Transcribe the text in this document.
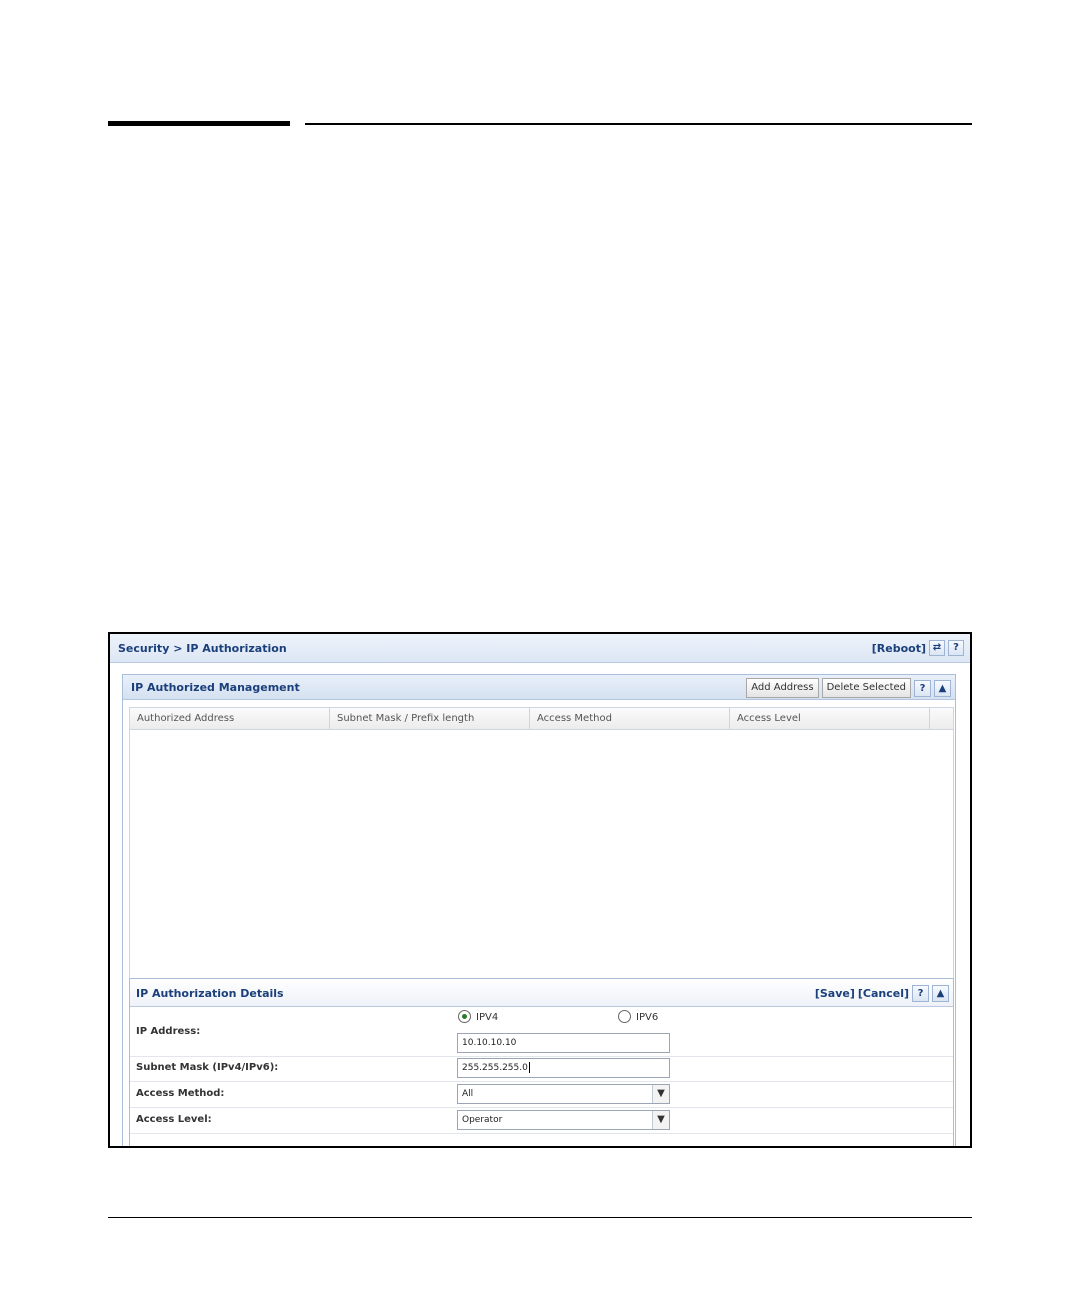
Security > IP Authorization	[Reboot] ⇄	?
IP Authorized Management	Add Address	Delete Selected	?	▲
Authorized Address	Subnet Mask / Prefix length	Access Method	Access Level
IP Authorization Details	[Save] [Cancel] ?	▲
IP Address:
IPV4	IPV6
10.10.10.10
Subnet Mask (IPv4/IPv6):	255.255.255.0
Access Method:	All	▼
Access Level:	Operator	▼
